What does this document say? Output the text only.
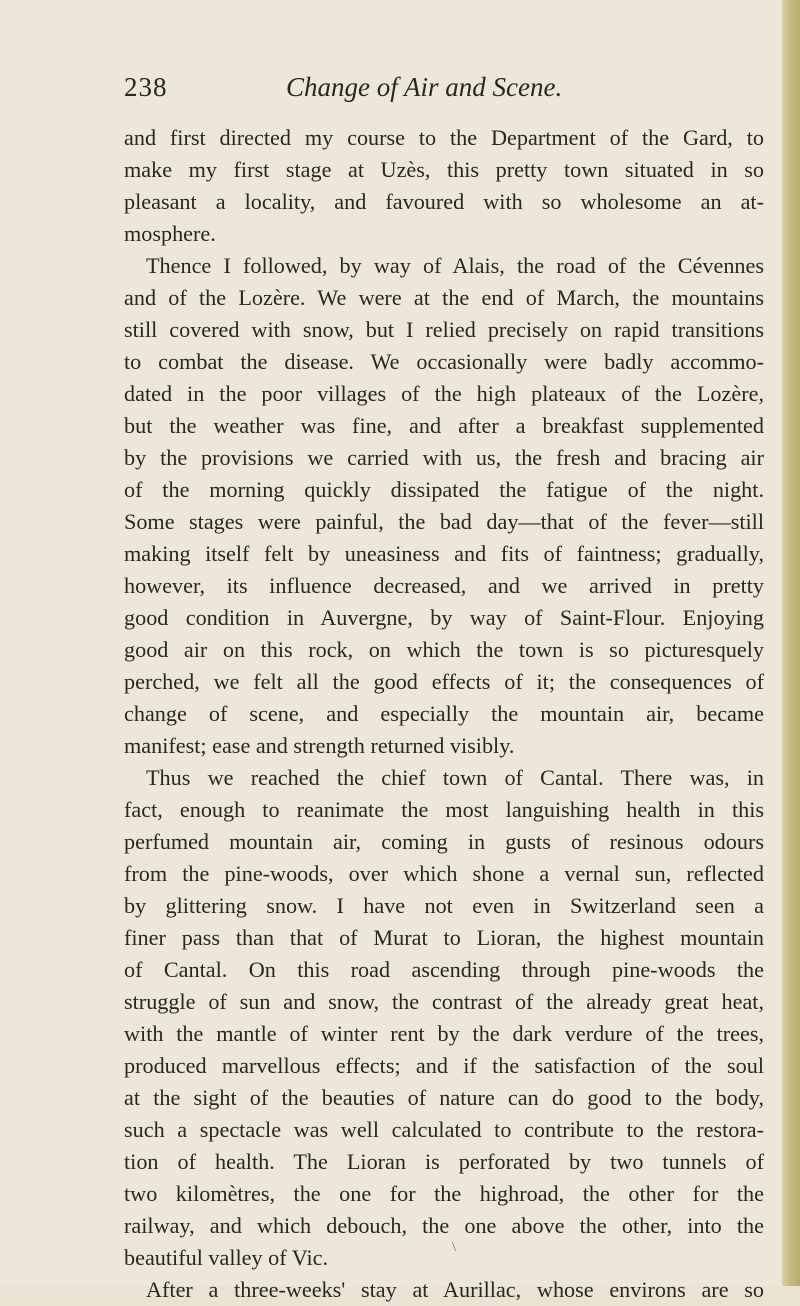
238	Change of Air and Scene.
and first directed my course to the Department of the Gard, to
make my first stage at Uzès, this pretty town situated in so
pleasant a locality, and favoured with so wholesome an at-
mosphere.
Thence I followed, by way of Alais, the road of the Cévennes
and of the Lozère. We were at the end of March, the mountains
still covered with snow, but I relied precisely on rapid transitions
to combat the disease. We occasionally were badly accommo-
dated in the poor villages of the high plateaux of the Lozère,
but the weather was fine, and after a breakfast supplemented
by the provisions we carried with us, the fresh and bracing air
of the morning quickly dissipated the fatigue of the night.
Some stages were painful, the bad day—that of the fever—still
making itself felt by uneasiness and fits of faintness; gradually,
however, its influence decreased, and we arrived in pretty
good condition in Auvergne, by way of Saint-Flour. Enjoying
good air on this rock, on which the town is so picturesquely
perched, we felt all the good effects of it; the consequences of
change of scene, and especially the mountain air, became
manifest; ease and strength returned visibly.
Thus we reached the chief town of Cantal. There was, in
fact, enough to reanimate the most languishing health in this
perfumed mountain air, coming in gusts of resinous odours
from the pine-woods, over which shone a vernal sun, reflected
by glittering snow. I have not even in Switzerland seen a
finer pass than that of Murat to Lioran, the highest mountain
of Cantal. On this road ascending through pine-woods the
struggle of sun and snow, the contrast of the already great heat,
with the mantle of winter rent by the dark verdure of the trees,
produced marvellous effects; and if the satisfaction of the soul
at the sight of the beauties of nature can do good to the body,
such a spectacle was well calculated to contribute to the restora-
tion of health. The Lioran is perforated by two tunnels of
two kilomètres, the one for the highroad, the other for the
railway, and which debouch, the one above the other, into the
beautiful valley of Vic.
After a three-weeks' stay at Aurillac, whose environs are so
\
